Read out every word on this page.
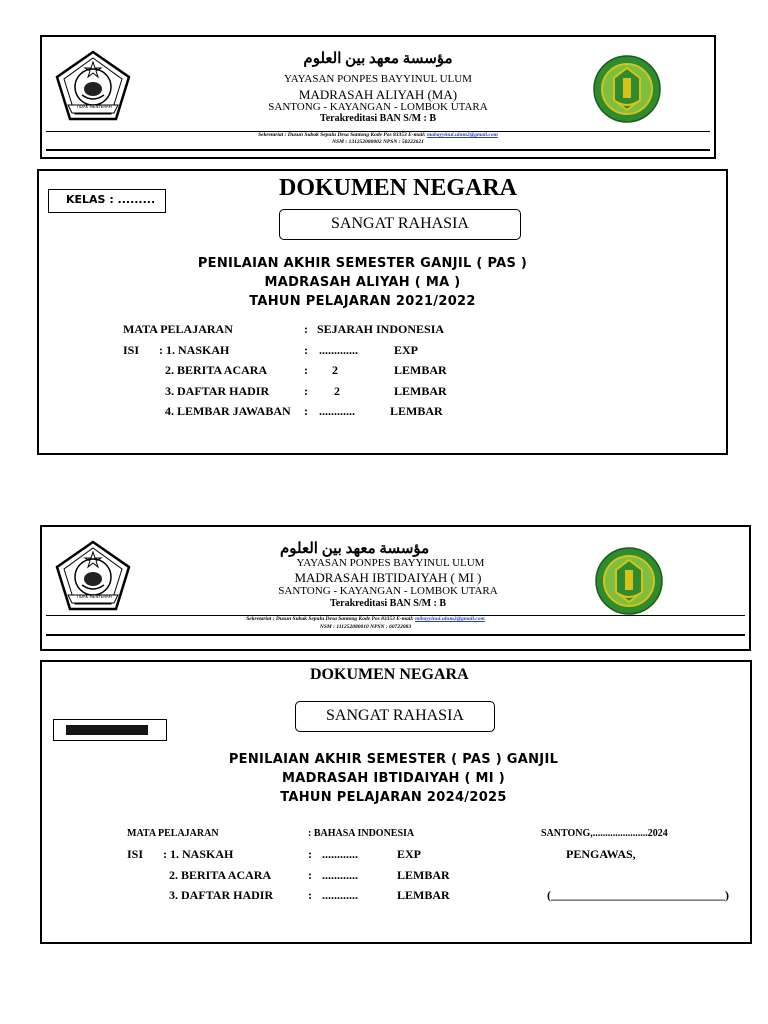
TIDAK MENYERAH
مؤسسة معهد بين العلوم
YAYASAN PONPES BAYYINUL ULUM
MADRASAH ALIYAH (MA)
SANTONG - KAYANGAN - LOMBOK UTARA
Terakreditasi BAN S/M : B
Sekretariat : Dusun Subak Sepulu Desa Santong Kode Pos 83353 E-mail: mabayyinul.ulum2@gmail.com
NSM : 131252080002 NPSN : 50222621
KELAS : .........	DOKUMEN NEGARA
SANGAT RAHASIA
PENILAIAN AKHIR SEMESTER GANJIL ( PAS )
MADRASAH ALIYAH ( MA )
TAHUN PELAJARAN 2021/2022
MATA PELAJARAN	: SEJARAH INDONESIA
ISI : 1. NASKAH	: .............	EXP
2. BERITA ACARA	: 2	LEMBAR
3. DAFTAR HADIR	: 2	LEMBAR
4. LEMBAR JAWABAN : ............	LEMBAR
TIDAK MENYERAH
مؤسسة معهد بين العلوم
YAYASAN PONPES BAYYINUL ULUM
MADRASAH IBTIDAIYAH ( MI )
SANTONG - KAYANGAN - LOMBOK UTARA
Terakreditasi BAN S/M : B
Sekretariat : Dusun Subak Sepulu Desa Santong Kode Pos 83353 E-mail: mibayyinul.ulum2@gmail.com
NSM : 111252080010 NPSN : 60722083
DOKUMEN NEGARA
SANGAT RAHASIA
PENILAIAN AKHIR SEMESTER ( PAS ) GANJIL
MADRASAH IBTIDAIYAH ( MI )
TAHUN PELAJARAN 2024/2025
MATA PELAJARAN	: BAHASA INDONESIA	SANTONG,......................2024
ISI : 1. NASKAH	: ............	EXP	PENGAWAS,
2. BERITA ACARA	: ............	LEMBAR
3. DAFTAR HADIR	: ............	LEMBAR	(_____________________________)
